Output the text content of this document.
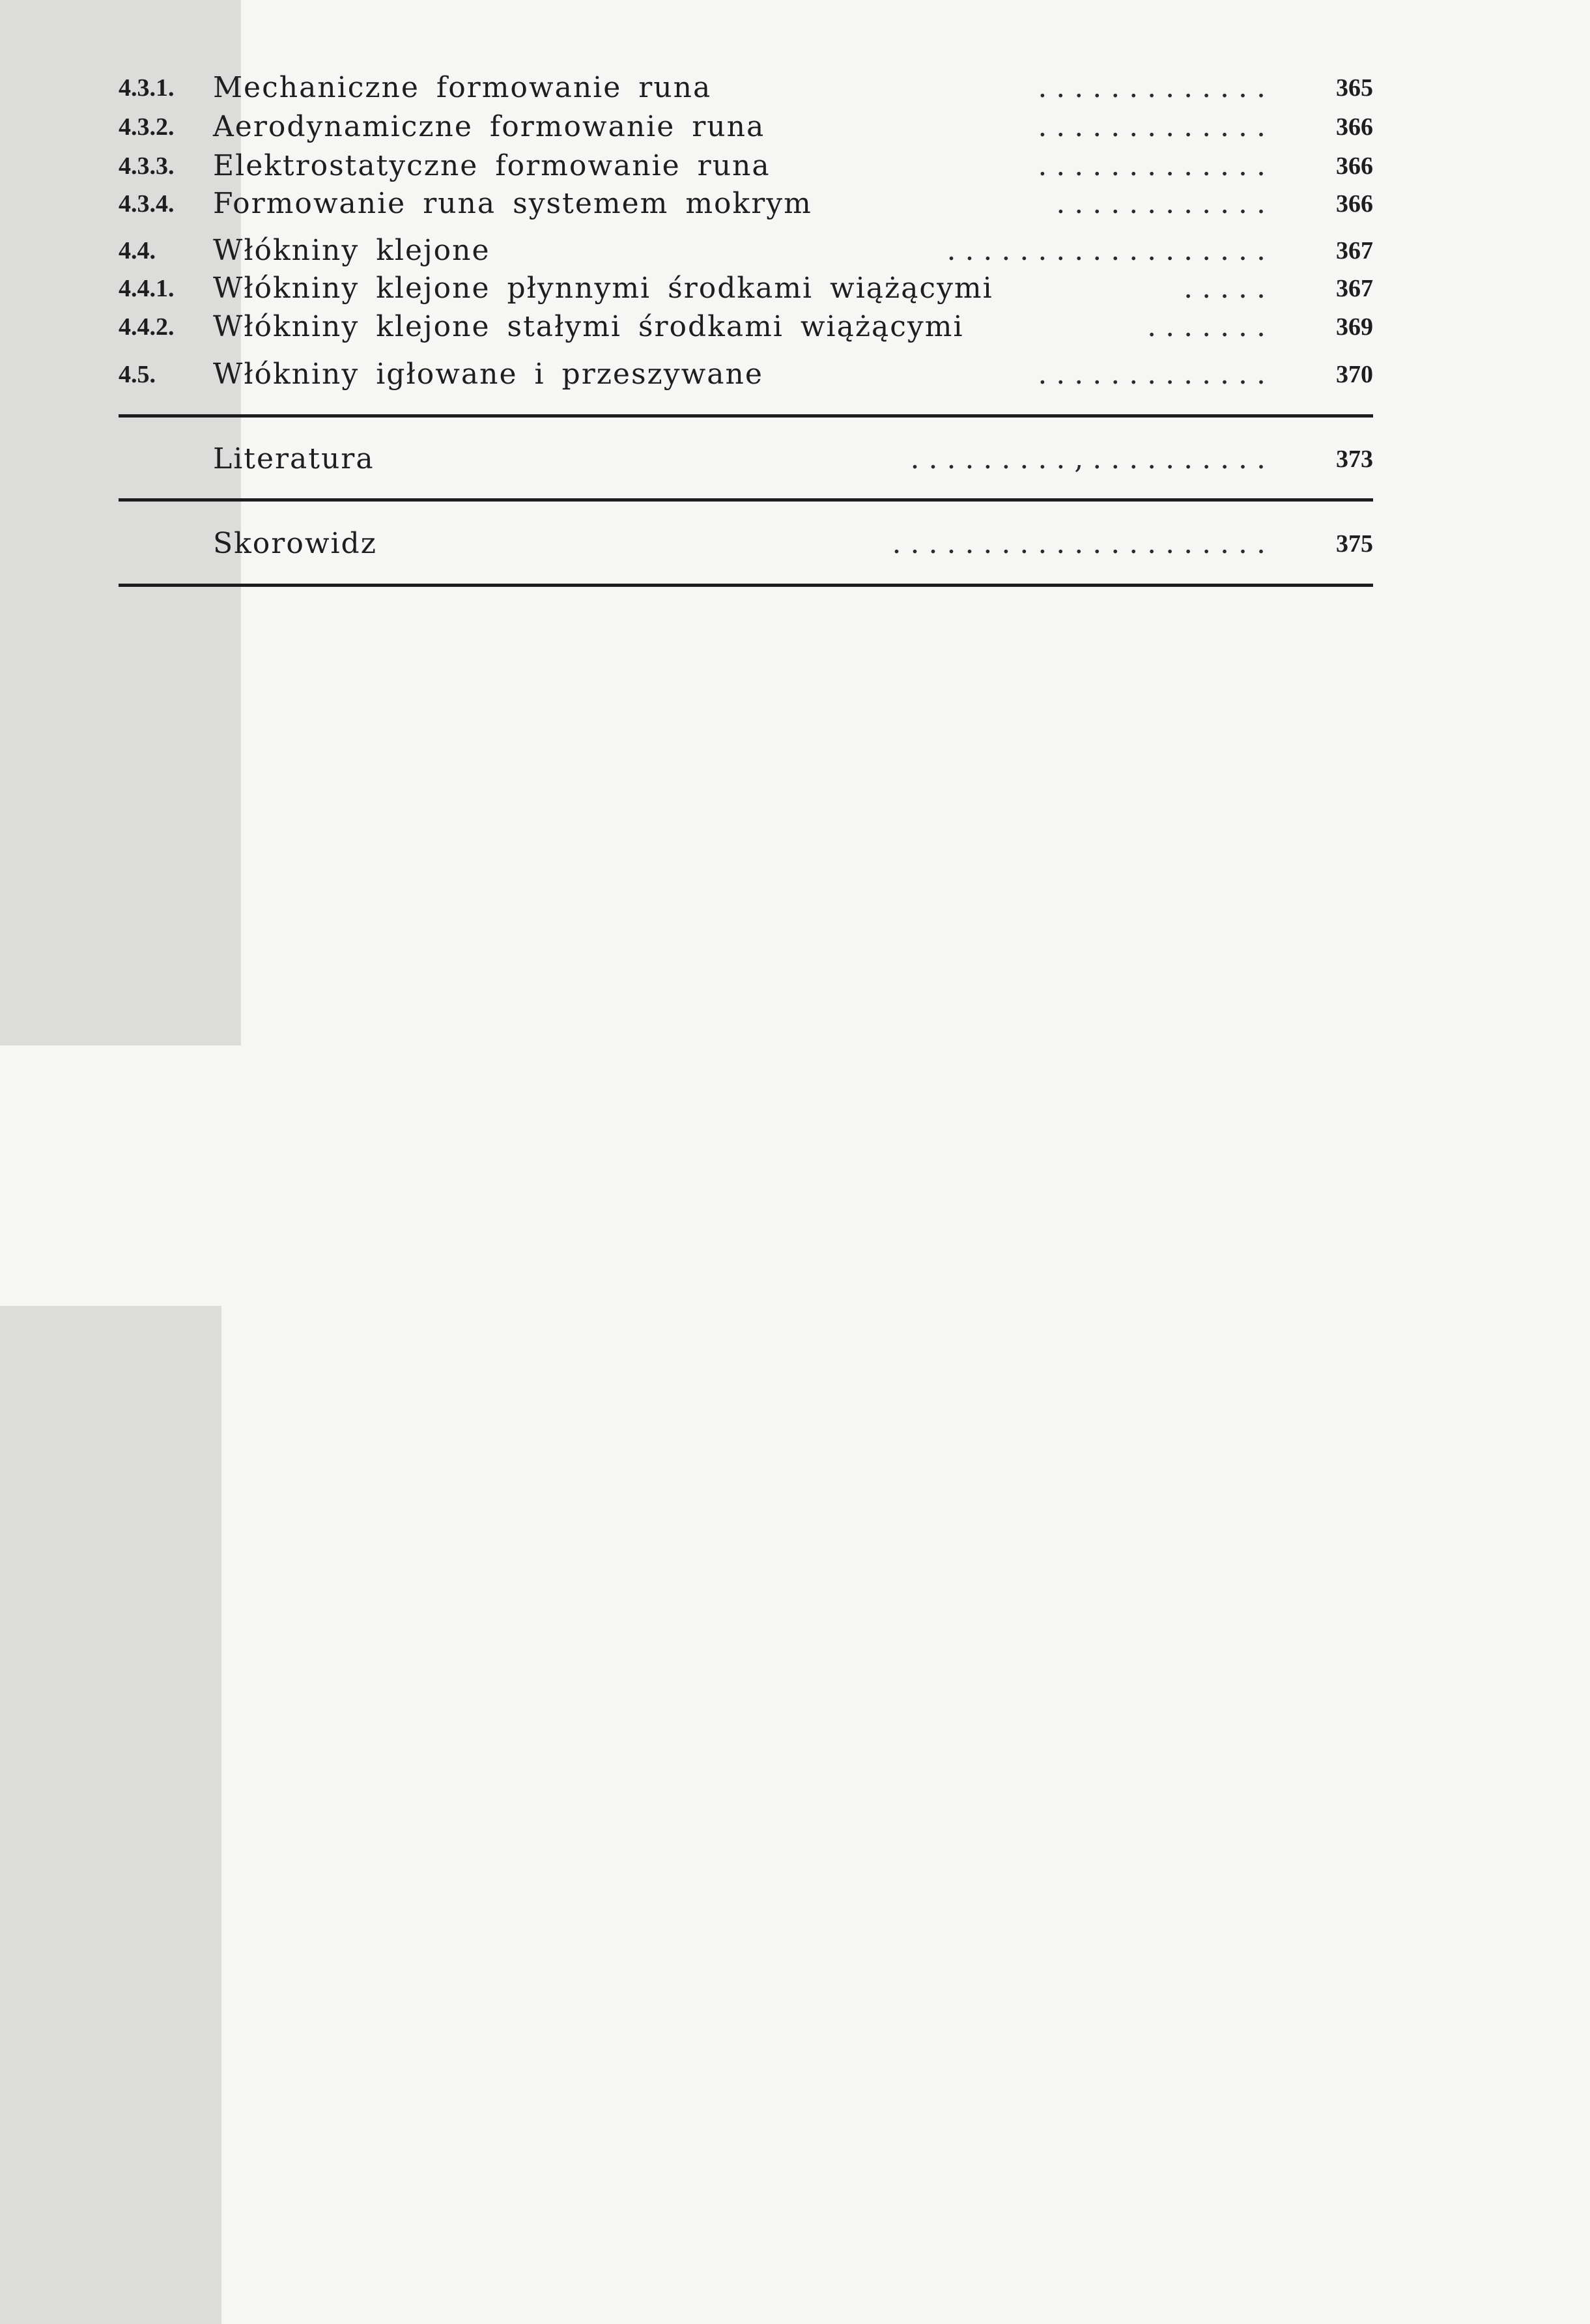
4.3.1. Mechaniczne formowanie runa	. . . . . . . . . . . . .	365
4.3.2. Aerodynamiczne formowanie runa	. . . . . . . . . . . . .	366
4.3.3. Elektrostatyczne formowanie runa	. . . . . . . . . . . . .	366
4.3.4. Formowanie runa systemem mokrym	. . . . . . . . . . . .	366
4.4. Włókniny klejone	. . . . . . . . . . . . . . . . . .	367
4.4.1. Włókniny klejone płynnymi środkami wiążącymi	. . . . .	367
4.4.2. Włókniny klejone stałymi środkami wiążącymi	. . . . . . .	369
4.5. Włókniny igłowane i przeszywane	. . . . . . . . . . . . .	370
Literatura	. . . . . . . . . , . . . . . . . . . .	373
Skorowidz	. . . . . . . . . . . . . . . . . . . . .	375
